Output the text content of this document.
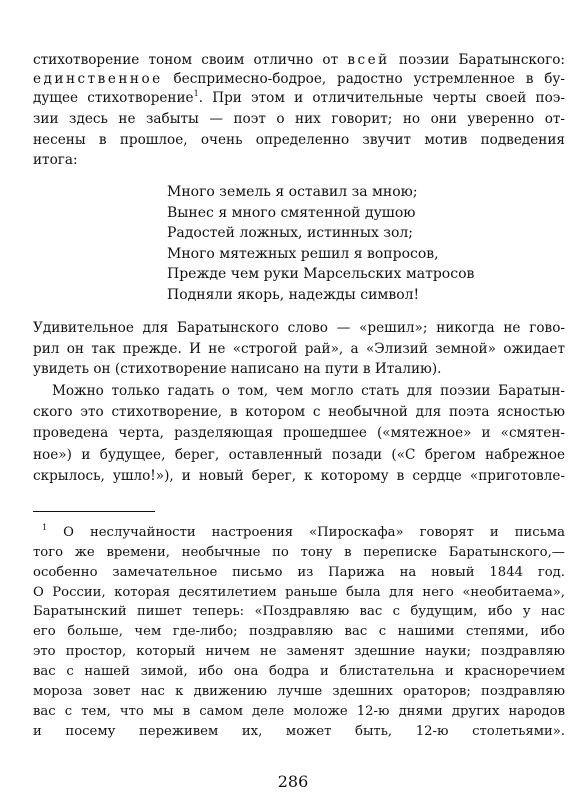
стихотворение тоном своим отлично от всей поэзии Баратынского:
единственное беспримесно-бодрое, радостно устремленное в бу-
дущее стихотворение$^1$. При этом и отличительные черты своей поэ-
зии здесь не забыты — поэт о них говорит; но они уверенно от-
несены в прошлое, очень определенно звучит мотив подведения
итога:
Много земель я оставил за мною;
Вынес я много смятенной душою
Радостей ложных, истинных зол;
Много мятежных решил я вопросов,
Прежде чем руки Марсельских матросов
Подняли якорь, надежды символ!
Удивительное для Баратынского слово — «решил»; никогда не гово-
рил он так прежде. И не «строгой рай», а «Элизий земной» ожидает
увидеть он (стихотворение написано на пути в Италию).
Можно только гадать о том, чем могло стать для поэзии Баратын-
ского это стихотворение, в котором с необычной для поэта ясностью
проведена черта, разделяющая прошедшее («мятежное» и «смятен-
ное») и будущее, берег, оставленный позади («С брегом набрежное
скрылось, ушло!»), и новый берег, к которому в сердце «приготовле-
$^1$ О неслучайности настроения «Пироскафа» говорят и письма
того же времени, необычные по тону в переписке Баратынского,—
особенно замечательное письмо из Парижа на новый 1844 год.
О России, которая десятилетием раньше была для него «необитаема»,
Баратынский пишет теперь: «Поздравляю вас с будущим, ибо у нас
его больше, чем где-либо; поздравляю вас с нашими степями, ибо
это простор, который ничем не заменят здешние науки; поздравляю
вас с нашей зимой, ибо она бодра и блистательна и красноречием
мороза зовет нас к движению лучше здешних ораторов; поздравляю
вас с тем, что мы в самом деле моложе 12-ю днями других народов
и посему переживем их, может быть, 12-ю столетьями».
286
